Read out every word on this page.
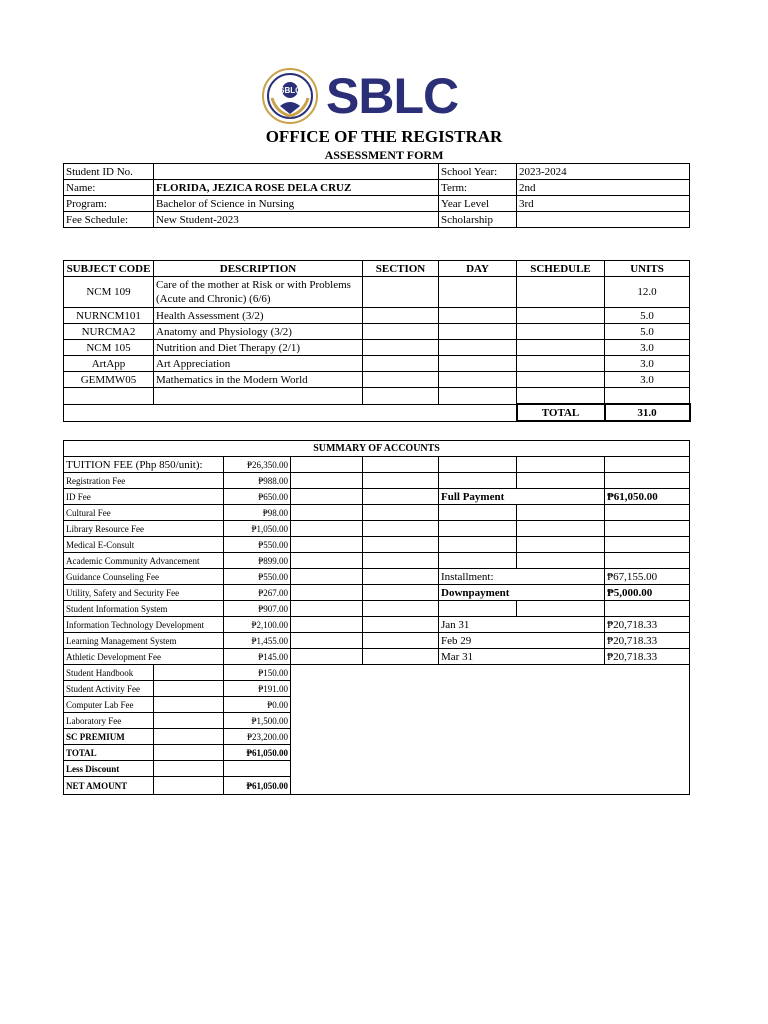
SBLC SBLC
OFFICE OF THE REGISTRAR
ASSESSMENT FORM
Student ID No.		School Year:	2023-2024
Name:	FLORIDA, JEZICA ROSE DELA CRUZ	Term:	2nd
Program:	Bachelor of Science in Nursing	Year Level	3rd
Fee Schedule:	New Student-2023	Scholarship	
SUBJECT CODE	DESCRIPTION	SECTION	DAY	SCHEDULE	UNITS
NCM 109	Care of the mother at Risk or with Problems (Acute and Chronic) (6/6)				12.0
NURNCM101	Health Assessment (3/2)				5.0
NURCMA2	Anatomy and Physiology (3/2)				5.0
NCM 105	Nutrition and Diet Therapy (2/1)				3.0
ArtApp	Art Appreciation				3.0
GEMMW05	Mathematics in the Modern World				3.0

				TOTAL	31.0
SUMMARY OF ACCOUNTS							
TUITION FEE (Php 850/unit):		₱26,350.00					
Registration Fee		₱988.00					
ID Fee		₱650.00			Full Payment		₱61,050.00
Cultural Fee		₱98.00					
Library Resource Fee		₱1,050.00					
Medical E-Consult		₱550.00					
Academic Community Advancement		₱899.00					
Guidance Counseling Fee		₱550.00			Installment:		₱67,155.00
Utility, Safety and Security Fee		₱267.00			Downpayment		₱5,000.00
Student Information System		₱907.00					
Information Technology Development		₱2,100.00			Jan 31		₱20,718.33
Learning Management System		₱1,455.00			Feb 29		₱20,718.33
Athletic Development Fee		₱145.00			Mar 31		₱20,718.33
Student Handbook		₱150.00					
Student Activity Fee		₱191.00					
Computer Lab Fee		₱0.00					
Laboratory Fee		₱1,500.00					
SC PREMIUM		₱23,200.00					
TOTAL		₱61,050.00					
Less Discount							
NET AMOUNT		₱61,050.00					
